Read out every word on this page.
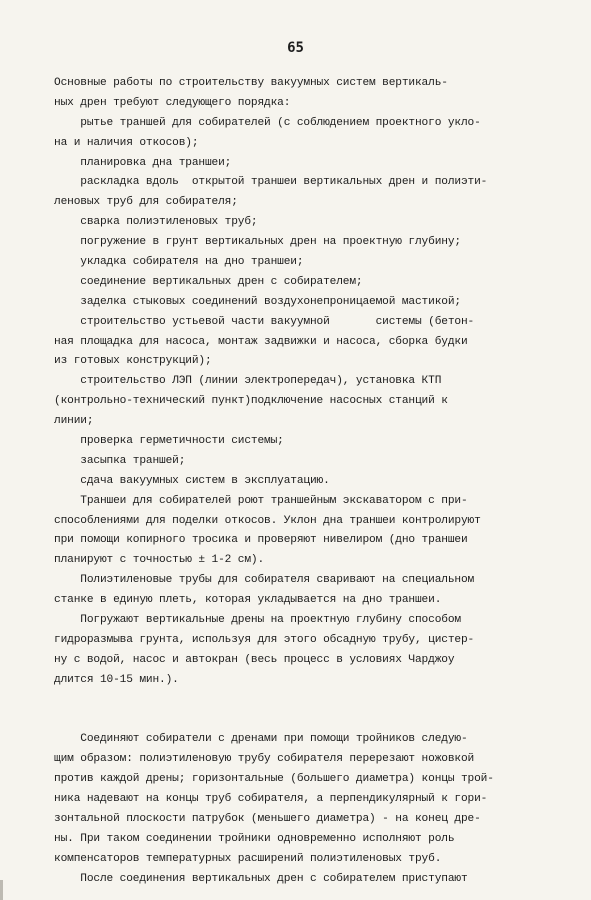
65
Основные работы по строительству вакуумных систем вертикаль-
ных дрен требуют следующего порядка:
рытье траншей для собирателей (с соблюдением проектного укло-
на и наличия откосов);
планировка дна траншеи;
раскладка вдоль  открытой траншеи вертикальных дрен и полиэти-
леновых труб для собирателя;
сварка полиэтиленовых труб;
погружение в грунт вертикальных дрен на проектную глубину;
укладка собирателя на дно траншеи;
соединение вертикальных дрен с собирателем;
заделка стыковых соединений воздухонепроницаемой мастикой;
строительство устьевой части вакуумной       системы (бетон-
ная площадка для насоса, монтаж задвижки и насоса, сборка будки
из готовых конструкций);
строительство ЛЭП (линии электропередач), установка КТП
(контрольно-технический пункт)подключение насосных станций к
линии;
проверка герметичности системы;
засыпка траншей;
сдача вакуумных систем в эксплуатацию.
Траншеи для собирателей роют траншейным экскаватором с при-
способлениями для поделки откосов. Уклон дна траншеи контролируют
при помощи копирного тросика и проверяют нивелиром (дно траншеи
планируют с точностью ± 1-2 см).
Полиэтиленовые трубы для собирателя сваривают на специальном
станке в единую плеть, которая укладывается на дно траншеи.
Погружают вертикальные дрены на проектную глубину способом
гидроразмыва грунта, используя для этого обсадную трубу, цистер-
ну с водой, насос и автокран (весь процесс в условиях Чарджоу
длится 10-15 мин.).
Соединяют собиратели с дренами при помощи тройников следую-
щим образом: полиэтиленовую трубу собирателя перерезают ножовкой
против каждой дрены; горизонтальные (большего диаметра) концы трой-
ника надевают на концы труб собирателя, а перпендикулярный к гори-
зонтальной плоскости патрубок (меньшего диаметра) - на конец дре-
ны. При таком соединении тройники одновременно исполняют роль
компенсаторов температурных расширений полиэтиленовых труб.
После соединения вертикальных дрен с собирателем приступают
